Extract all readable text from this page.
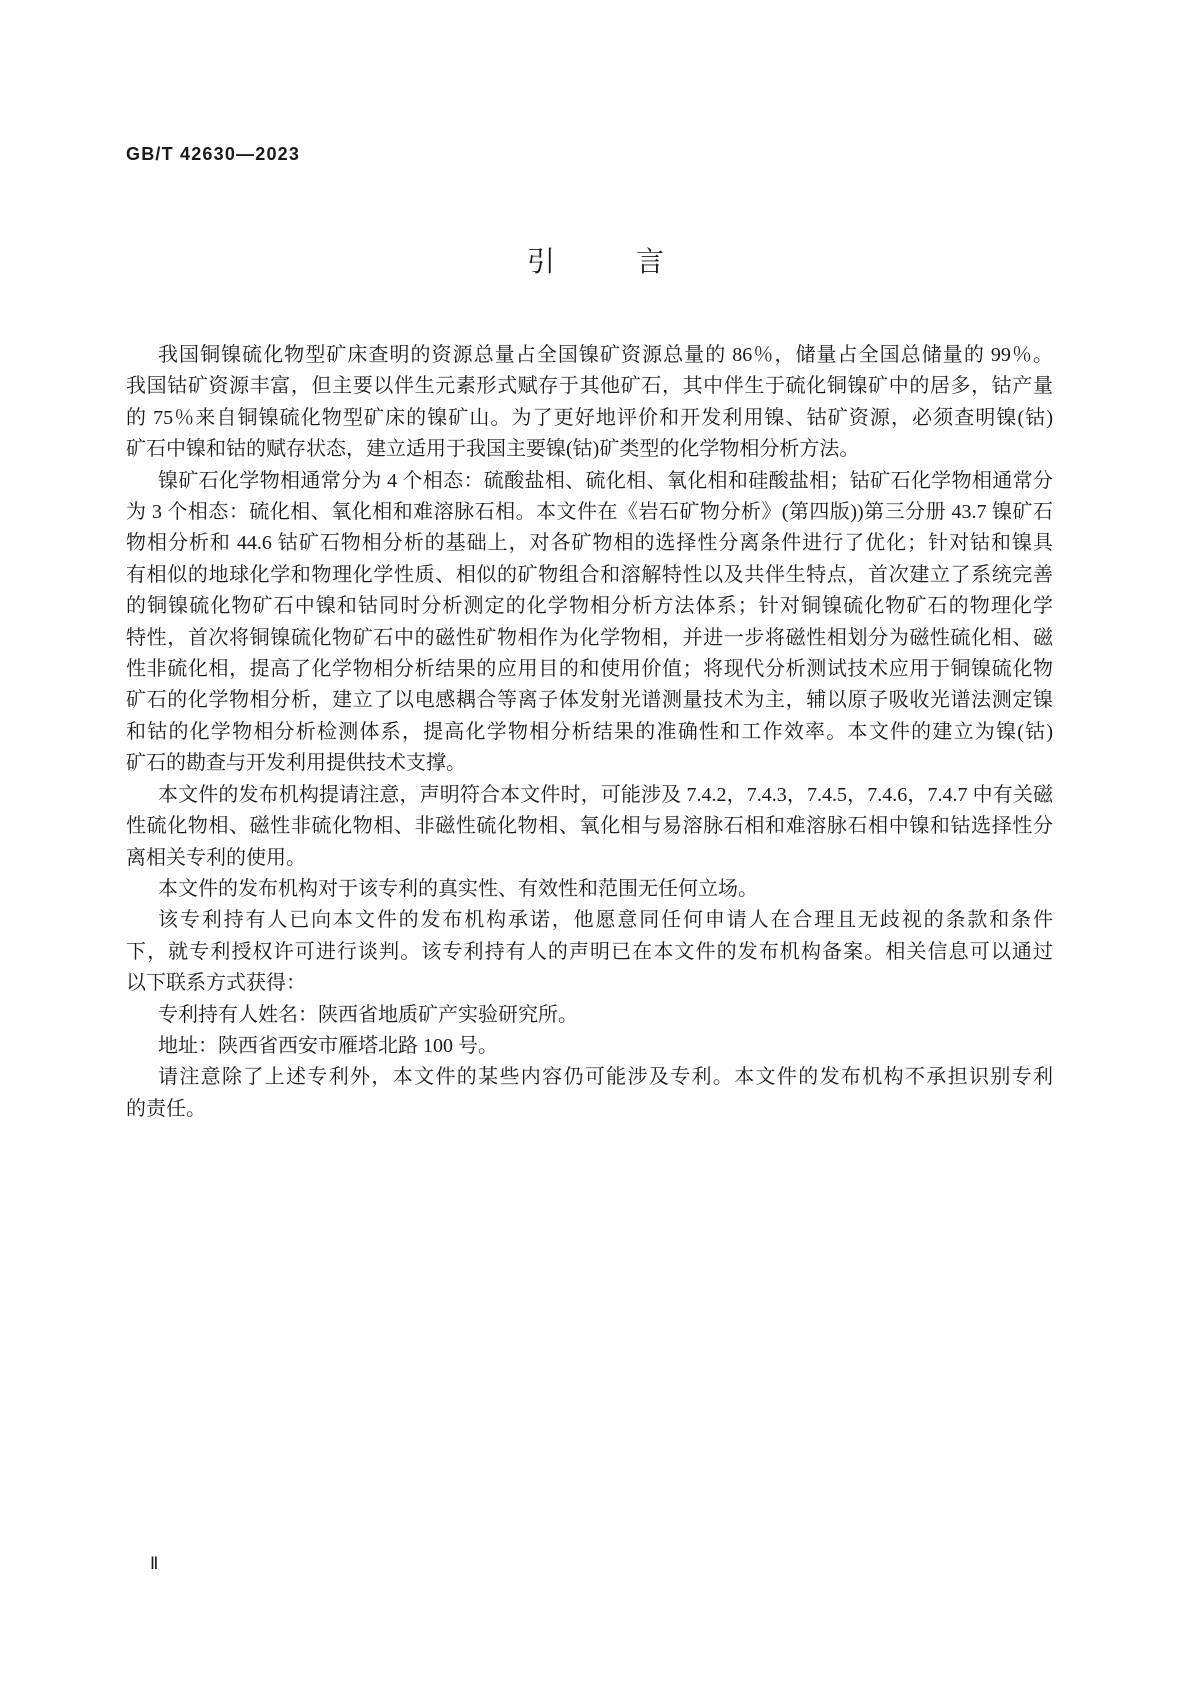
GB/T 42630—2023
引 言
我国铜镍硫化物型矿床查明的资源总量占全国镍矿资源总量的 86％，储量占全国总储量的 99％。
我国钴矿资源丰富，但主要以伴生元素形式赋存于其他矿石，其中伴生于硫化铜镍矿中的居多，钴产量
的 75％来自铜镍硫化物型矿床的镍矿山。为了更好地评价和开发利用镍、钴矿资源，必须查明镍(钴)
矿石中镍和钴的赋存状态，建立适用于我国主要镍(钴)矿类型的化学物相分析方法。
镍矿石化学物相通常分为 4 个相态：硫酸盐相、硫化相、氧化相和硅酸盐相；钴矿石化学物相通常分
为 3 个相态：硫化相、氧化相和难溶脉石相。本文件在《岩石矿物分析》(第四版))第三分册 43.7 镍矿石
物相分析和 44.6 钴矿石物相分析的基础上，对各矿物相的选择性分离条件进行了优化；针对钴和镍具
有相似的地球化学和物理化学性质、相似的矿物组合和溶解特性以及共伴生特点，首次建立了系统完善
的铜镍硫化物矿石中镍和钴同时分析测定的化学物相分析方法体系；针对铜镍硫化物矿石的物理化学
特性，首次将铜镍硫化物矿石中的磁性矿物相作为化学物相，并进一步将磁性相划分为磁性硫化相、磁
性非硫化相，提高了化学物相分析结果的应用目的和使用价值；将现代分析测试技术应用于铜镍硫化物
矿石的化学物相分析，建立了以电感耦合等离子体发射光谱测量技术为主，辅以原子吸收光谱法测定镍
和钴的化学物相分析检测体系，提高化学物相分析结果的准确性和工作效率。本文件的建立为镍(钴)
矿石的勘查与开发利用提供技术支撑。
本文件的发布机构提请注意，声明符合本文件时，可能涉及 7.4.2，7.4.3，7.4.5，7.4.6，7.4.7 中有关磁
性硫化物相、磁性非硫化物相、非磁性硫化物相、氧化相与易溶脉石相和难溶脉石相中镍和钴选择性分
离相关专利的使用。
本文件的发布机构对于该专利的真实性、有效性和范围无任何立场。
该专利持有人已向本文件的发布机构承诺，他愿意同任何申请人在合理且无歧视的条款和条件
下，就专利授权许可进行谈判。该专利持有人的声明已在本文件的发布机构备案。相关信息可以通过
以下联系方式获得：
专利持有人姓名：陕西省地质矿产实验研究所。
地址：陕西省西安市雁塔北路 100 号。
请注意除了上述专利外，本文件的某些内容仍可能涉及专利。本文件的发布机构不承担识别专利
的责任。
Ⅱ
